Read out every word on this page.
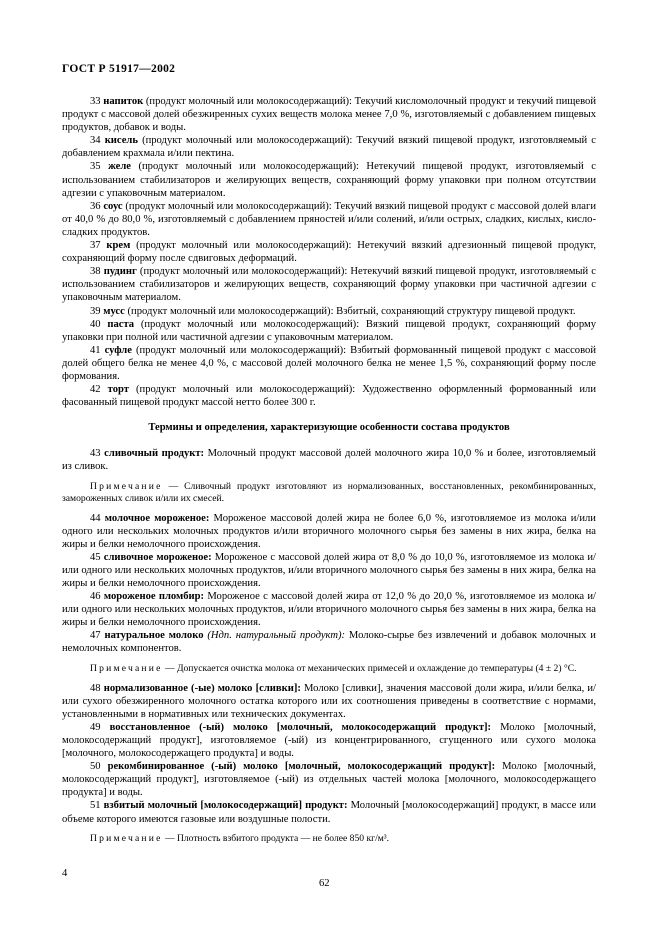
ГОСТ Р 51917—2002

33 напиток (продукт молочный или молокосодержащий): Текучий кисломолочный продукт и текучий пищевой продукт с массовой долей обезжиренных сухих веществ молока менее 7,0 %, изготовляемый с добавлением пищевых продуктов, добавок и воды.

34 кисель (продукт молочный или молокосодержащий): Текучий вязкий пищевой продукт, изготовляемый с добавлением крахмала и/или пектина.

35 желе (продукт молочный или молокосодержащий): Нетекучий пищевой продукт, изготовляемый с использованием стабилизаторов и желирующих веществ, сохраняющий форму упаковки при полном отсутствии адгезии с упаковочным материалом.

36 соус (продукт молочный или молокосодержащий): Текучий вязкий пищевой продукт с массовой долей влаги от 40,0 % до 80,0 %, изготовляемый с добавлением пряностей и/или солений, и/или острых, сладких, кислых, кисло-сладких продуктов.

37 крем (продукт молочный или молокосодержащий): Нетекучий вязкий адгезионный пищевой продукт, сохраняющий форму после сдвиговых деформаций.

38 пудинг (продукт молочный или молокосодержащий): Нетекучий вязкий пищевой продукт, изготовляемый с использованием стабилизаторов и желирующих веществ, сохраняющий форму упаковки при частичной адгезии с упаковочным материалом.

39 мусс (продукт молочный или молокосодержащий): Взбитый, сохраняющий структуру пищевой продукт.

40 паста (продукт молочный или молокосодержащий): Вязкий пищевой продукт, сохраняющий форму упаковки при полной или частичной адгезии с упаковочным материалом.

41 суфле (продукт молочный или молокосодержащий): Взбитый формованный пищевой продукт с массовой долей общего белка не менее 4,0 %, с массовой долей молочного белка не менее 1,5 %, сохраняющий форму после формования.

42 торт (продукт молочный или молокосодержащий): Художественно оформленный формованный или фасованный пищевой продукт массой нетто более 300 г.

Термины и определения, характеризующие особенности состава продуктов

43 сливочный продукт: Молочный продукт массовой долей молочного жира 10,0 % и более, изготовляемый из сливок.

Примечание — Сливочный продукт изготовляют из нормализованных, восстановленных, рекомбинированных, замороженных сливок и/или их смесей.

44 молочное мороженое: Мороженое массовой долей жира не более 6,0 %, изготовляемое из молока и/или одного или нескольких молочных продуктов и/или вторичного молочного сырья без замены в них жира, белка на жиры и белки немолочного происхождения.

45 сливочное мороженое: Мороженое с массовой долей жира от 8,0 % до 10,0 %, изготовляемое из молока и/или одного или нескольких молочных продуктов, и/или вторичного молочного сырья без замены в них жира, белка на жиры и белки немолочного происхождения.

46 мороженое пломбир: Мороженое с массовой долей жира от 12,0 % до 20,0 %, изготовляемое из молока и/или одного или нескольких молочных продуктов, и/или вторичного молочного сырья без замены в них жира, белка на жиры и белки немолочного происхождения.

47 натуральное молоко (Ндп. натуральный продукт): Молоко-сырье без извлечений и добавок молочных и немолочных компонентов.

Примечание — Допускается очистка молока от механических примесей и охлаждение до температуры (4 ± 2) °С.

48 нормализованное (-ые) молоко [сливки]: Молоко [сливки], значения массовой доли жира, и/или белка, и/или сухого обезжиренного молочного остатка которого или их соотношения приведены в соответствие с нормами, установленными в нормативных или технических документах.

49 восстановленное (-ый) молоко [молочный, молокосодержащий продукт]: Молоко [молочный, молокосодержащий продукт], изготовляемое (-ый) из концентрированного, сгущенного или сухого молока [молочного, молокосодержащего продукта] и воды.

50 рекомбинированное (-ый) молоко [молочный, молокосодержащий продукт]: Молоко [молочный, молокосодержащий продукт], изготовляемое (-ый) из отдельных частей молока [молочного, молокосодержащего продукта] и воды.

51 взбитый молочный [молокосодержащий] продукт: Молочный [молокосодержащий] продукт, в массе или объеме которого имеются газовые или воздушные полости.

Примечание — Плотность взбитого продукта — не более 850 кг/м³.

4
62
